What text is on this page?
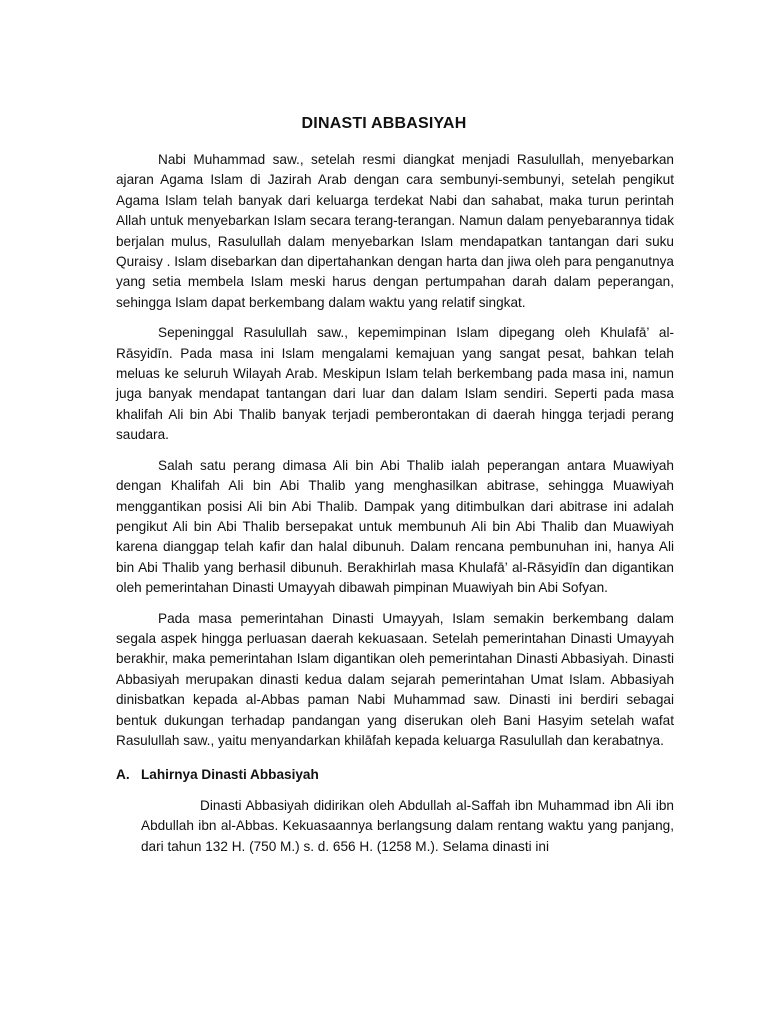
DINASTI ABBASIYAH

Nabi Muhammad saw., setelah resmi diangkat menjadi Rasulullah, menyebarkan ajaran Agama Islam di Jazirah Arab dengan cara sembunyi-sembunyi, setelah pengikut Agama Islam telah banyak dari keluarga terdekat Nabi dan sahabat, maka turun perintah Allah untuk menyebarkan Islam secara terang-terangan. Namun dalam penyebarannya tidak berjalan mulus, Rasulullah dalam menyebarkan Islam mendapatkan tantangan dari suku Quraisy . Islam disebarkan dan dipertahankan dengan harta dan jiwa oleh para penganutnya yang setia membela Islam meski harus dengan pertumpahan darah dalam peperangan, sehingga Islam dapat berkembang dalam waktu yang relatif singkat.

Sepeninggal Rasulullah saw., kepemimpinan Islam dipegang oleh Khulafā’ al-Rāsyidīn. Pada masa ini Islam mengalami kemajuan yang sangat pesat, bahkan telah meluas ke seluruh Wilayah Arab. Meskipun Islam telah berkembang pada masa ini, namun juga banyak mendapat tantangan dari luar dan dalam Islam sendiri. Seperti pada masa khalifah Ali bin Abi Thalib banyak terjadi pemberontakan di daerah hingga terjadi perang saudara.

Salah satu perang dimasa Ali bin Abi Thalib ialah peperangan antara Muawiyah dengan Khalifah Ali bin Abi Thalib yang menghasilkan abitrase, sehingga Muawiyah menggantikan posisi Ali bin Abi Thalib. Dampak yang ditimbulkan dari abitrase ini adalah pengikut Ali bin Abi Thalib bersepakat untuk membunuh Ali bin Abi Thalib dan Muawiyah karena dianggap telah kafir dan halal dibunuh. Dalam rencana pembunuhan ini, hanya Ali bin Abi Thalib yang berhasil dibunuh. Berakhirlah masa Khulafā’ al-Rāsyidīn dan digantikan oleh pemerintahan Dinasti Umayyah dibawah pimpinan Muawiyah bin Abi Sofyan.

Pada masa pemerintahan Dinasti Umayyah, Islam semakin berkembang dalam segala aspek hingga perluasan daerah kekuasaan. Setelah pemerintahan Dinasti Umayyah berakhir, maka pemerintahan Islam digantikan oleh pemerintahan Dinasti Abbasiyah. Dinasti Abbasiyah merupakan dinasti kedua dalam sejarah pemerintahan Umat Islam. Abbasiyah dinisbatkan kepada al-Abbas paman Nabi Muhammad saw. Dinasti ini berdiri sebagai bentuk dukungan terhadap pandangan yang diserukan oleh Bani Hasyim setelah wafat Rasulullah saw., yaitu menyandarkan khilāfah kepada keluarga Rasulullah dan kerabatnya.

A. Lahirnya Dinasti Abbasiyah

Dinasti Abbasiyah didirikan oleh Abdullah al-Saffah ibn Muhammad ibn Ali ibn Abdullah ibn al-Abbas. Kekuasaannya berlangsung dalam rentang waktu yang panjang, dari tahun 132 H. (750 M.) s. d. 656 H. (1258 M.). Selama dinasti ini
